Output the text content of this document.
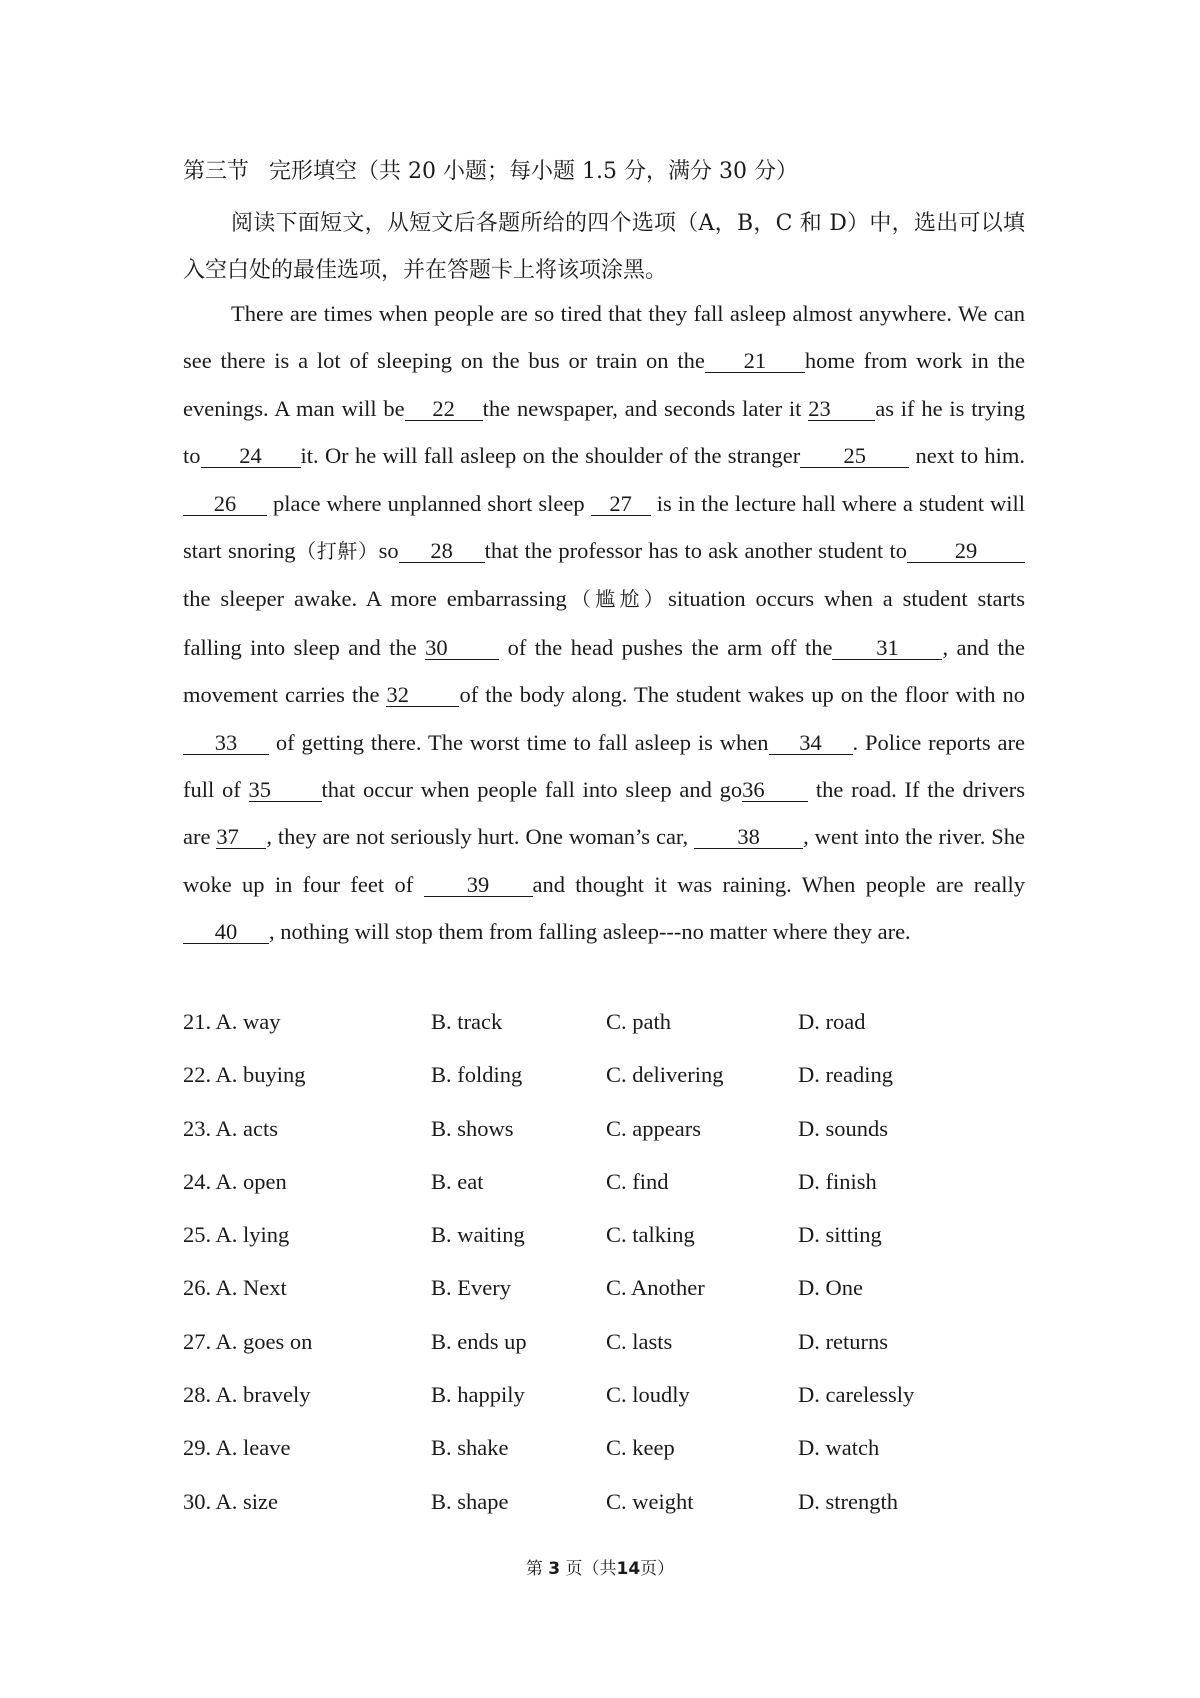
第三节 完形填空（共 20 小题；每小题 1.5 分，满分 30 分）
阅读下面短文，从短文后各题所给的四个选项（A，B，C 和 D）中，选出可以填入空白处的最佳选项，并在答题卡上将该项涂黑。
There are times when people are so tired that they fall asleep almost anywhere. We can see there is a lot of sleeping on the bus or train on the 21 home from work in the evenings. A man will be 22 the newspaper, and seconds later it 23 as if he is trying to 24 it. Or he will fall asleep on the shoulder of the stranger 25 next to him. 26 place where unplanned short sleep 27 is in the lecture hall where a student will start snoring（打鼾）so 28 that the professor has to ask another student to 29 the sleeper awake. A more embarrassing（尴尬）situation occurs when a student starts falling into sleep and the 30 of the head pushes the arm off the 31 , and the movement carries the 32 of the body along. The student wakes up on the floor with no33 of getting there. The worst time to fall asleep is when 34 . Police reports are full of 35 that occur when people fall into sleep and go36 the road. If the drivers are 37 , they are not seriously hurt. One woman’s car, 38 , went into the river. She woke up in four feet of 39 and thought it was raining. When people are really40 , nothing will stop them from falling asleep---no matter where they are.
21. A. way	B. track	C. path	D. road
22. A. buying	B. folding	C. delivering	D. reading
23. A. acts	B. shows	C. appears	D. sounds
24. A. open	B. eat	C. find	D. finish
25. A. lying	B. waiting	C. talking	D. sitting
26. A. Next	B. Every	C. Another	D. One
27. A. goes on	B. ends up	C. lasts	D. returns
28. A. bravely	B. happily	C. loudly	D. carelessly
29. A. leave	B. shake	C. keep	D. watch
30. A. size	B. shape	C. weight	D. strength
第 3 页（共14页）
